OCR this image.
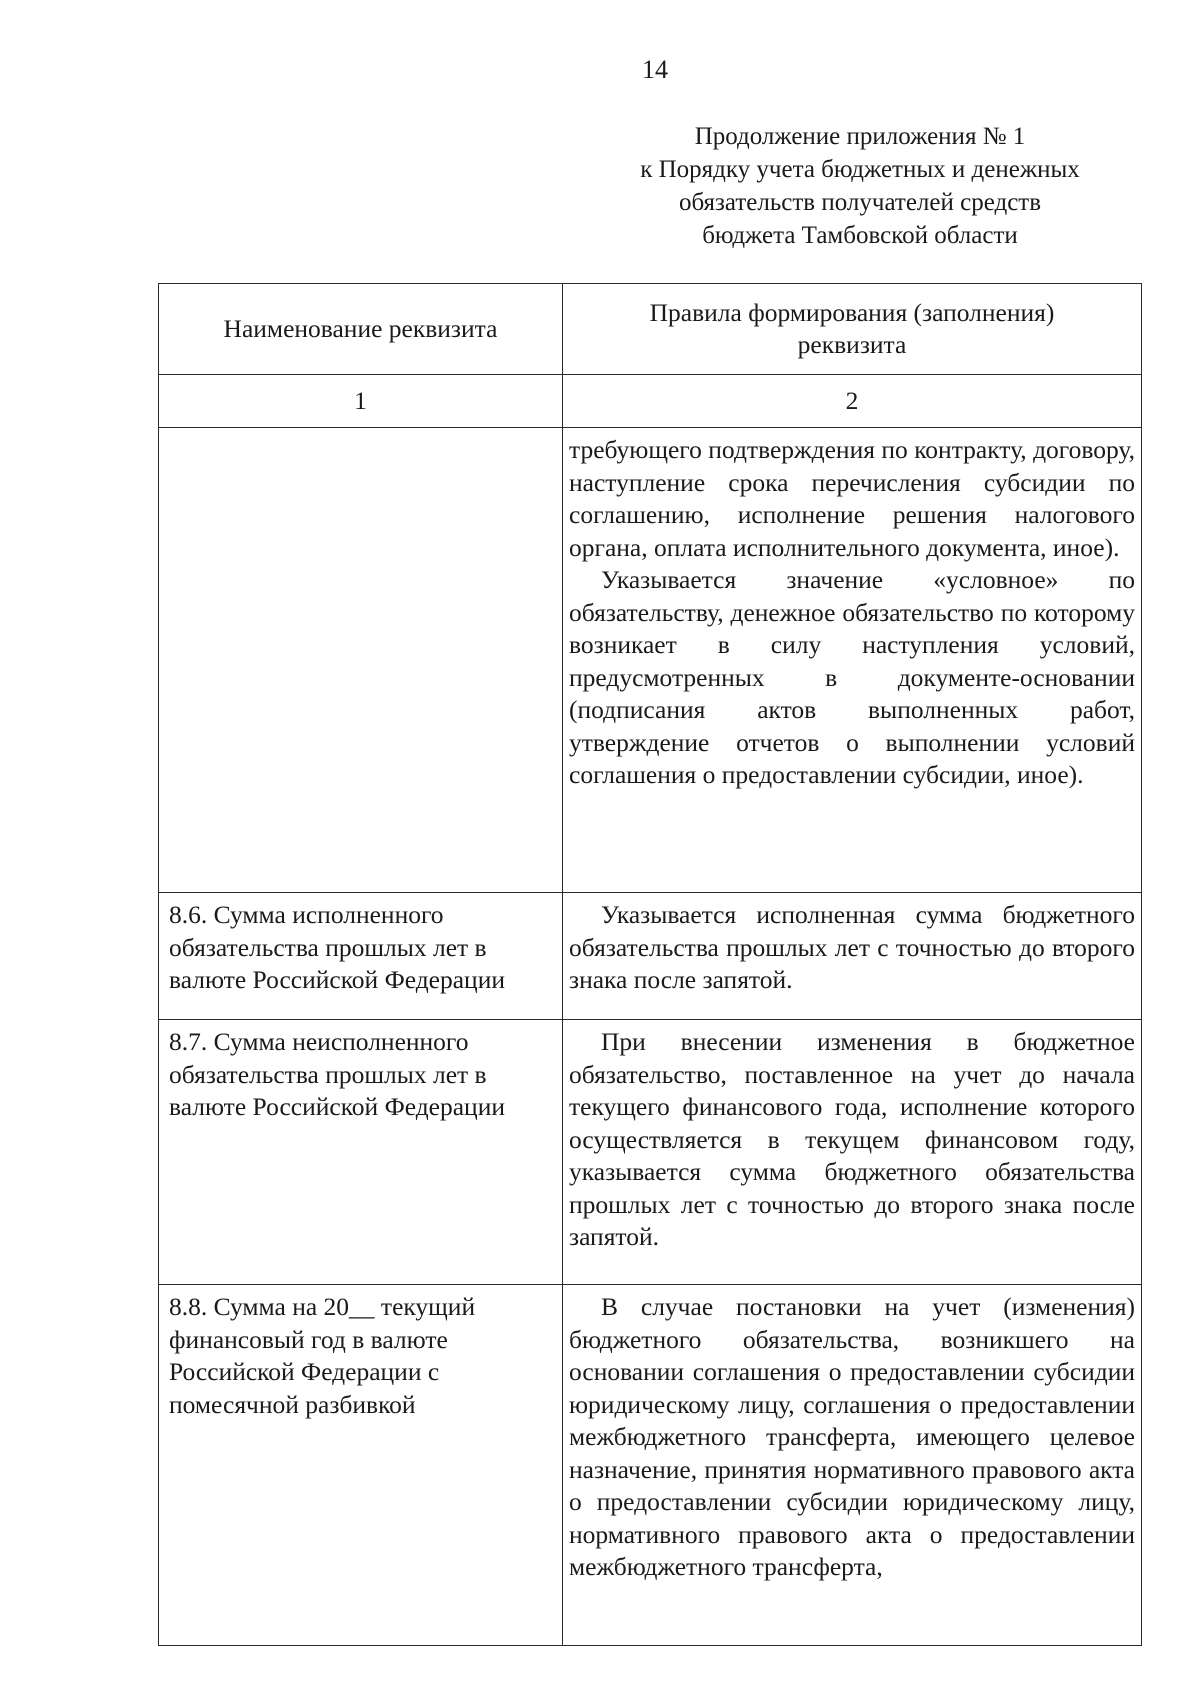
14
Продолжение приложения № 1
к Порядку учета бюджетных и денежных
обязательств получателей средств
бюджета Тамбовской области
Наименование реквизита	Правила формирования (заполнения) реквизита
1	2

	требующего подтверждения по контракту, договору, наступление срока перечисления субсидии по соглашению, исполнение решения налогового органа, оплата исполнительного документа, иное).

Указывается значение «условное» по обязательству, денежное обязательство по которому возникает в силу наступления условий, предусмотренных в документе-основании (подписания актов выполненных работ, утверждение отчетов о выполнении условий соглашения о предоставлении субсидии, иное).

8.6. Сумма исполненного обязательства прошлых лет в валюте Российской Федерации	Указывается исполненная сумма бюджетного обязательства прошлых лет с точностью до второго знака после запятой.

8.7. Сумма неисполненного обязательства прошлых лет в валюте Российской Федерации	При внесении изменения в бюджетное обязательство, поставленное на учет до начала текущего финансового года, исполнение которого осуществляется в текущем финансовом году, указывается сумма бюджетного обязательства прошлых лет с точностью до второго знака после запятой.

8.8. Сумма на 20__ текущий финансовый год в валюте Российской Федерации с помесячной разбивкой	В случае постановки на учет (изменения) бюджетного обязательства, возникшего на основании соглашения о предоставлении субсидии юридическому лицу, соглашения о предоставлении межбюджетного трансферта, имеющего целевое назначение, принятия нормативного правового акта о предоставлении субсидии юридическому лицу, нормативного правового акта о предоставлении межбюджетного трансферта,
